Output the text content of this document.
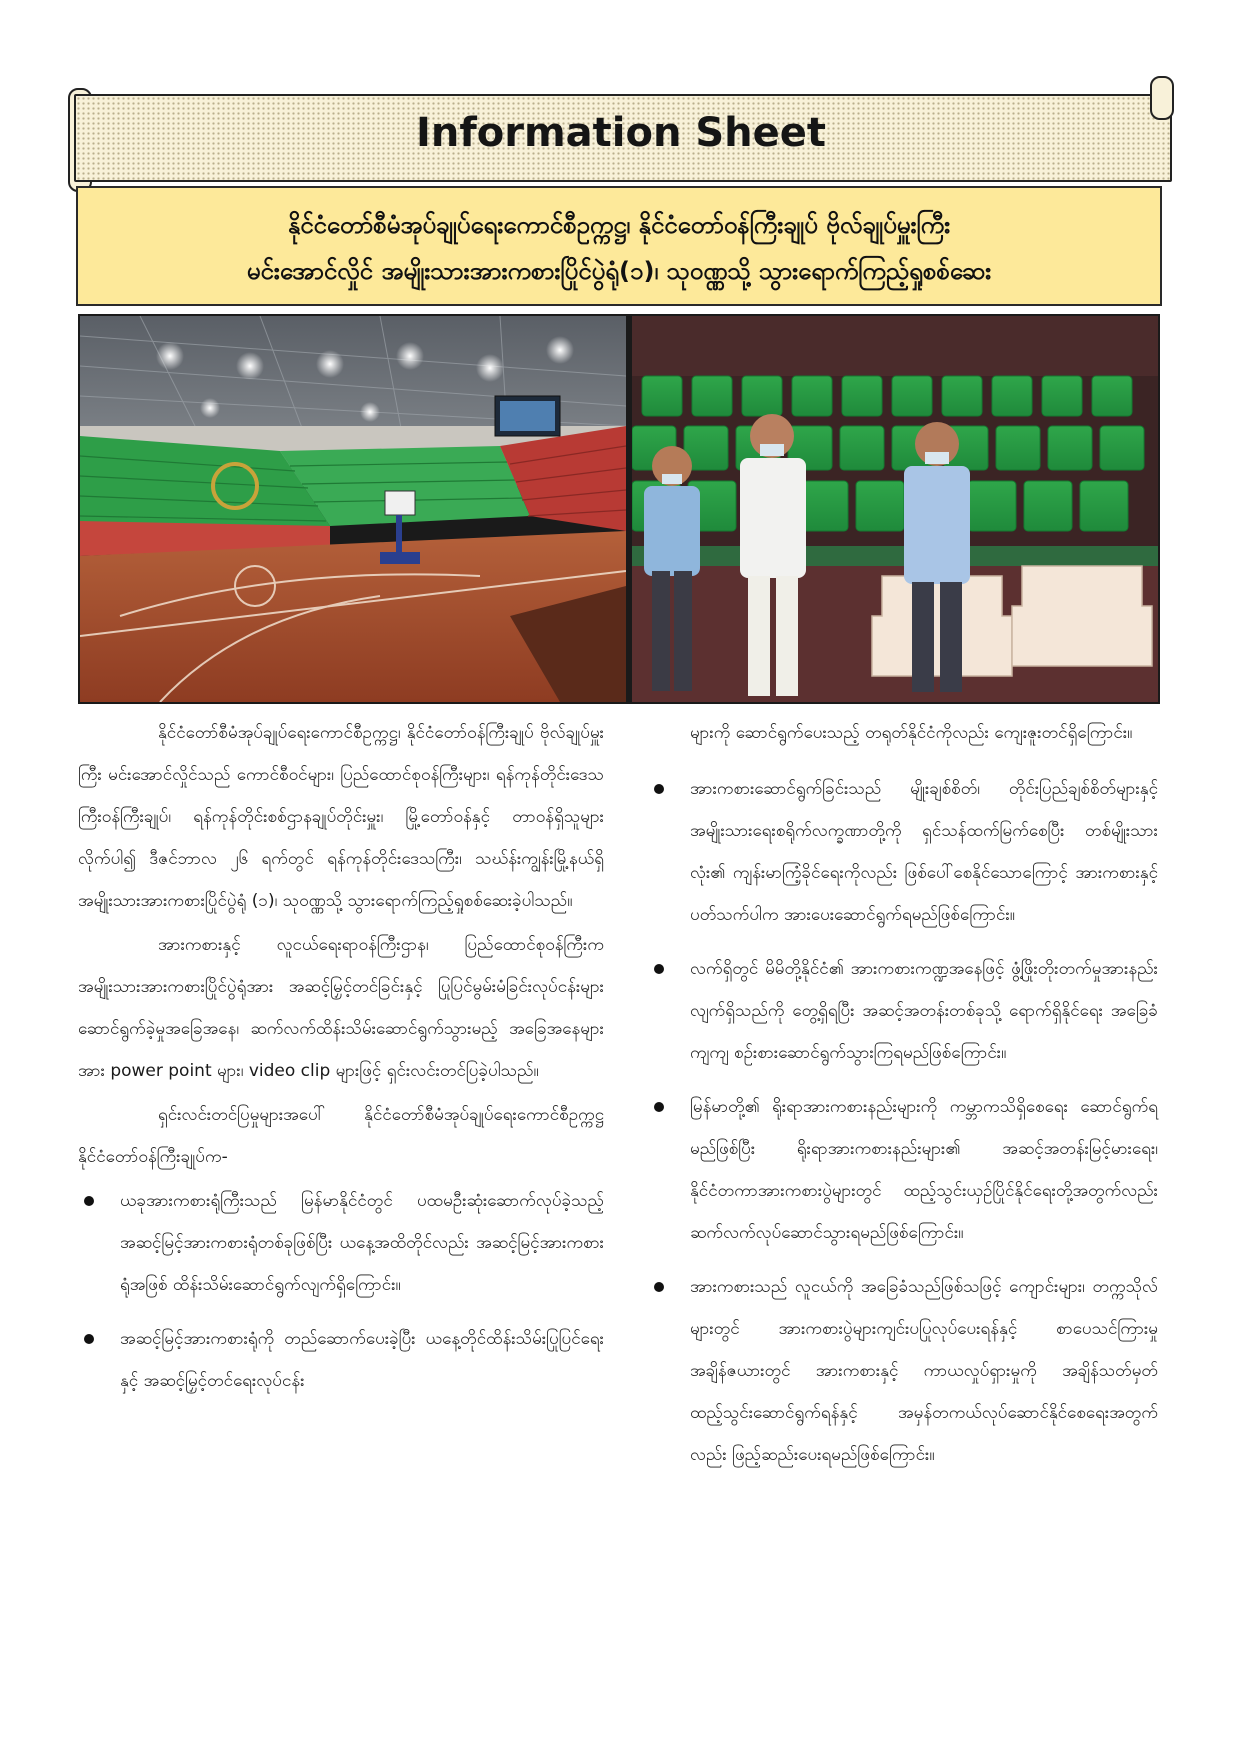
Information Sheet
နိုင်ငံတော်စီမံအုပ်ချုပ်ရေးကောင်စီဥက္ကဋ္ဌ၊ နိုင်ငံတော်ဝန်ကြီးချုပ် ဗိုလ်ချုပ်မှူးကြီး
မင်းအောင်လှိုင် အမျိုးသားအားကစားပြိုင်ပွဲရုံ(၁)၊ သုဝဏ္ဏသို့ သွားရောက်ကြည့်ရှုစစ်ဆေး

နိုင်ငံတော်စီမံအုပ်ချုပ်ရေးကောင်စီဥက္ကဋ္ဌ၊ နိုင်ငံတော်ဝန်ကြီးချုပ် ဗိုလ်ချုပ်မှူးကြီး မင်းအောင်လှိုင်သည် ကောင်စီဝင်များ၊ ပြည်ထောင်စုဝန်ကြီးများ၊ ရန်ကုန်တိုင်းဒေသကြီးဝန်ကြီးချုပ်၊ ရန်ကုန်တိုင်းစစ်ဌာနချုပ်တိုင်းမှူး၊ မြို့တော်ဝန်နှင့် တာဝန်ရှိသူများ လိုက်ပါ၍ ဒီဇင်ဘာလ ၂၆ ရက်တွင် ရန်ကုန်တိုင်းဒေသကြီး၊ သဃ်န်းကျွန်းမြို့နယ်ရှိ အမျိုးသားအားကစားပြိုင်ပွဲရုံ (၁)၊ သုဝဏ္ဏသို့ သွားရောက်ကြည့်ရှုစစ်ဆေးခဲ့ပါသည်။

အားကစားနှင့် လူငယ်ရေးရာဝန်ကြီးဌာန၊ ပြည်ထောင်စုဝန်ကြီးက အမျိုးသားအားကစားပြိုင်ပွဲရုံအား အဆင့်မြှင့်တင်ခြင်းနှင့် ပြုပြင်မွမ်းမံခြင်းလုပ်ငန်းများ ဆောင်ရွက်ခဲ့မှုအခြေအနေ၊ ဆက်လက်ထိန်းသိမ်းဆောင်ရွက်သွားမည့် အခြေအနေများအား power point များ၊ video clip များဖြင့် ရှင်းလင်းတင်ပြခဲ့ပါသည်။

ရှင်းလင်းတင်ပြမှုများအပေါ် နိုင်ငံတော်စီမံအုပ်ချုပ်ရေးကောင်စီဥက္ကဋ္ဌ နိုင်ငံတော်ဝန်ကြီးချုပ်က-

ယခုအားကစားရုံကြီးသည် မြန်မာနိုင်ငံတွင် ပထမဦးဆုံးဆောက်လုပ်ခဲ့သည့် အဆင့်မြင့်အားကစားရုံတစ်ခုဖြစ်ပြီး ယနေ့အထိတိုင်လည်း အဆင့်မြင့်အားကစားရုံအဖြစ် ထိန်းသိမ်းဆောင်ရွက်လျက်ရှိကြောင်း။
အဆင့်မြင့်အားကစားရုံကို တည်ဆောက်ပေးခဲ့ပြီး ယနေ့တိုင်ထိန်းသိမ်းပြုပြင်ရေးနှင့် အဆင့်မြှင့်တင်ရေးလုပ်ငန်း

များကို ဆောင်ရွက်ပေးသည့် တရုတ်နိုင်ငံကိုလည်း ကျေးဇူးတင်ရှိကြောင်း။

အားကစားဆောင်ရွက်ခြင်းသည် မျိုးချစ်စိတ်၊ တိုင်းပြည်ချစ်စိတ်များနှင့် အမျိုးသားရေးစရိုက်လက္ခဏာတို့ကို ရှင်သန်ထက်မြက်စေပြီး တစ်မျိုးသားလုံး၏ ကျန်းမာကြံ့ခိုင်ရေးကိုလည်း ဖြစ်ပေါ်စေနိုင်သောကြောင့် အားကစားနှင့် ပတ်သက်ပါက အားပေးဆောင်ရွက်ရမည်ဖြစ်ကြောင်း။
လက်ရှိတွင် မိမိတို့နိုင်ငံ၏ အားကစားကဏ္ဍအနေဖြင့် ဖွံ့ဖြိုးတိုးတက်မှုအားနည်းလျက်ရှိသည်ကို တွေ့ရှိရပြီး အဆင့်အတန်းတစ်ခုသို့ ရောက်ရှိနိုင်ရေး အခြေခံကျကျ စဉ်းစားဆောင်ရွက်သွားကြရမည်ဖြစ်ကြောင်း။
မြန်မာတို့၏ ရိုးရာအားကစားနည်းများကို ကမ္ဘာကသိရှိစေရေး ဆောင်ရွက်ရမည်ဖြစ်ပြီး ရိုးရာအားကစားနည်းများ၏ အဆင့်အတန်းမြင့်မားရေး၊ နိုင်ငံတကာအားကစားပွဲများတွင် ထည့်သွင်းယှဉ်ပြိုင်နိုင်ရေးတို့အတွက်လည်း ဆက်လက်လုပ်ဆောင်သွားရမည်ဖြစ်ကြောင်း။
အားကစားသည် လူငယ်ကို အခြေခံသည်ဖြစ်သဖြင့် ကျောင်းများ၊ တက္ကသိုလ်များတွင် အားကစားပွဲများကျင်းပပြုလုပ်ပေးရန်နှင့် စာပေသင်ကြားမှုအချိန်ဇယားတွင် အားကစားနှင့် ကာယလှုပ်ရှားမှုကို အချိန်သတ်မှတ်ထည့်သွင်းဆောင်ရွက်ရန်နှင့် အမှန်တကယ်လုပ်ဆောင်နိုင်စေရေးအတွက်လည်း ဖြည့်ဆည်းပေးရမည်ဖြစ်ကြောင်း။
